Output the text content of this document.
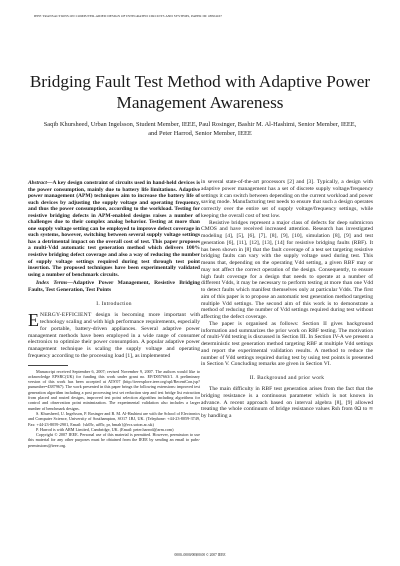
IEEE TRANSACTIONS ON COMPUTER-AIDED DESIGN OF INTEGRATED CIRCUITS AND SYSTEMS, PAPER ID: #8504167
Bridging Fault Test Method with Adaptive Power Management Awareness
Saqib Khursheed, Urban Ingelsson, Student Member, IEEE, Paul Rosinger, Bashir M. Al-Hashimi, Senior Member, IEEE, and Peter Harrod, Senior Member, IEEE

Abstract—A key design constraint of circuits used in hand-held devices is the power consumption, mainly due to battery life limitations. Adaptive power management (APM) techniques aim to increase the battery life of such devices by adjusting the supply voltage and operating frequency, and thus the power consumption, according to the workload. Testing for resistive bridging defects in APM-enabled designs raises a number of challenges due to their complex analog behavior. Testing at more than one supply voltage setting can be employed to improve defect coverage in such systems, however, switching between several supply voltage settings has a detrimental impact on the overall cost of test. This paper proposes a multi-Vdd automatic test generation method which delivers 100% resistive bridging defect coverage and also a way of reducing the number of supply voltage settings required during test through test point insertion. The proposed techniques have been experimentally validated using a number of benchmark circuits.

Index Terms—Adaptive Power Management, Resistive Bridging Faults, Test Generation, Test Points

I. Introduction

ENERGY-EFFICIENT design is becoming more important with technology scaling and with high performance requirements, especially for portable, battery-driven appliances. Several adaptive power management methods have been employed in a wide range of consumer electronics to optimize their power consumption. A popular adaptive power management technique is scaling the supply voltage and operating frequency according to the processing load [1], as implemented

Manuscript received September 6, 2007; revised November 9, 2007. The authors would like to acknowledge EPSRC(UK) for funding this work under grant no. EP/D057663/1. A preliminary version of this work has been accepted at ATS'07 (http://ieeexplore.ieee.org/xpl/RecentCon.jsp?punumber=4387967). The work presented in this paper brings the following extensions: improved test generation algorithm including a post processing test set reduction step and test bridge list extraction from placed and routed designs, improved test point selection algorithm including algorithms for control and observation point minimization. The experimental validation also includes a larger number of benchmark designs.

S. Khursheed, U. Ingelsson, P. Rosinger and B. M. Al-Hashimi are with the School of Electronics and Computer Science, University of Southampton, SO17 1BJ, UK. (Telephone: +44-23-8059-3749, Fax: +44-23-8059-2901, Email: {sk05r, ui05r, pr, bmah}@ecs.soton.ac.uk)

P. Harrod is with ARM Limited, Cambridge, UK. (Email: peter.harrod@arm.com)

Copyright © 2007 IEEE. Personal use of this material is permitted. However, permission to use this material for any other purposes must be obtained from the IEEE by sending an email to pubs-permissions@ieee.org.

in several state-of-the-art processors [2] and [3]. Typically, a design with adaptive power management has a set of discrete supply voltage/frequency settings it can switch between depending on the current workload and power saving mode. Manufacturing test needs to ensure that such a design operates correctly over the entire set of supply voltage/frequency settings, while keeping the overall cost of test low.

Resistive bridges represent a major class of defects for deep submicron CMOS and have received increased attention. Research has investigated modeling [4], [5], [6], [7], [8], [9], [10], simulation [8], [9] and test generation [6], [11], [12], [13], [14] for resistive bridging faults (RBF). It has been shown in [8] that the fault coverage of a test set targeting resistive bridging faults can vary with the supply voltage used during test. This means that, depending on the operating Vdd setting, a given RBF may or may not affect the correct operation of the design. Consequently, to ensure high fault coverage for a design that needs to operate at a number of different Vdds, it may be necessary to perform testing at more than one Vdd to detect faults which manifest themselves only at particular Vdds. The first aim of this paper is to propose an automatic test generation method targeting multiple Vdd settings. The second aim of this work is to demonstrate a method of reducing the number of Vdd settings required during test without affecting the defect coverage.

The paper is organised as follows: Section II gives background information and summarizes the prior work on RBF testing. The motivation of multi-Vdd testing is discussed in Section III. In Section IV-A we present a deterministic test generation method targeting RBF at multiple Vdd settings and report the experimental validation results. A method to reduce the number of Vdd settings required during test by using test points is presented in Section V. Concluding remarks are given in Section VI.

II. Background and prior work

The main difficulty in RBF test generation arises from the fact that the bridging resistance is a continuous parameter which is not known in advance. A recent approach based on interval algebra [8], [9] allowed treating the whole continuum of bridge resistance values Rsh from 0Ω to ∞ by handling a

0000–0000/00$00.00 © 2007 IEEE
